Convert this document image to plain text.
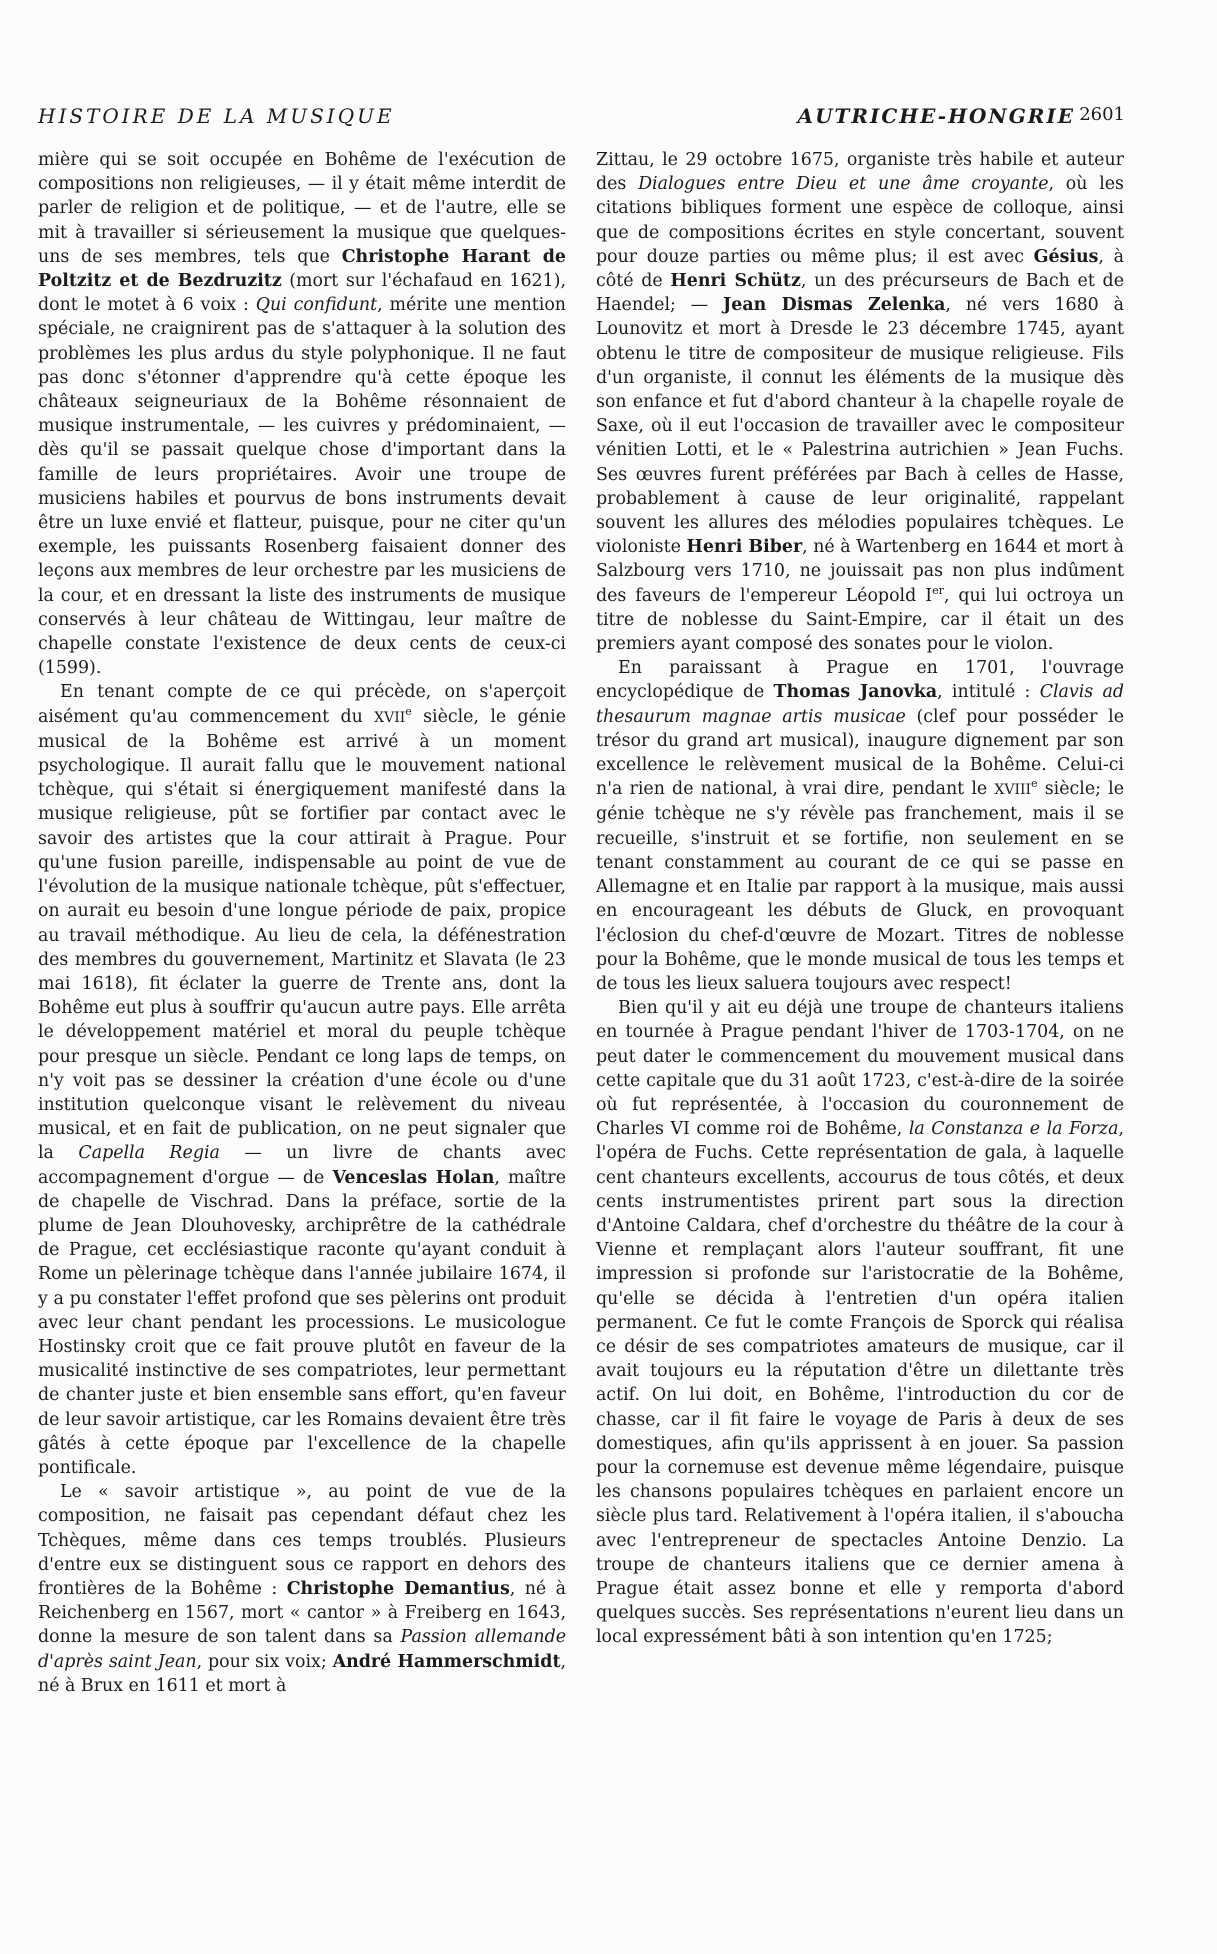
HISTOIRE DE LA MUSIQUE	AUTRICHE-HONGRIE 2601

mière qui se soit occupée en Bohême de l'exécution de compositions non religieuses, — il y était même interdit de parler de religion et de politique, — et de l'autre, elle se mit à travailler si sérieusement la musique que quelques-uns de ses membres, tels que Christophe Harant de Poltzitz et de Bezdruzitz (mort sur l'échafaud en 1621), dont le motet à 6 voix : Qui confidunt, mérite une mention spéciale, ne craignirent pas de s'attaquer à la solution des problèmes les plus ardus du style polyphonique. Il ne faut pas donc s'étonner d'apprendre qu'à cette époque les châteaux seigneuriaux de la Bohême résonnaient de musique instrumentale, — les cuivres y prédominaient, — dès qu'il se passait quelque chose d'important dans la famille de leurs propriétaires. Avoir une troupe de musiciens habiles et pourvus de bons instruments devait être un luxe envié et flatteur, puisque, pour ne citer qu'un exemple, les puissants Rosenberg faisaient donner des leçons aux membres de leur orchestre par les musiciens de la cour, et en dressant la liste des instruments de musique conservés à leur château de Wittingau, leur maître de chapelle constate l'existence de deux cents de ceux-ci (1599).

En tenant compte de ce qui précède, on s'aperçoit aisément qu'au commencement du XVIIe siècle, le génie musical de la Bohême est arrivé à un moment psychologique. Il aurait fallu que le mouvement national tchèque, qui s'était si énergiquement manifesté dans la musique religieuse, pût se fortifier par contact avec le savoir des artistes que la cour attirait à Prague. Pour qu'une fusion pareille, indispensable au point de vue de l'évolution de la musique nationale tchèque, pût s'effectuer, on aurait eu besoin d'une longue période de paix, propice au travail méthodique. Au lieu de cela, la défénestration des membres du gouvernement, Martinitz et Slavata (le 23 mai 1618), fit éclater la guerre de Trente ans, dont la Bohême eut plus à souffrir qu'aucun autre pays. Elle arrêta le développement matériel et moral du peuple tchèque pour presque un siècle. Pendant ce long laps de temps, on n'y voit pas se dessiner la création d'une école ou d'une institution quelconque visant le relèvement du niveau musical, et en fait de publication, on ne peut signaler que la Capella Regia — un livre de chants avec accompagnement d'orgue — de Venceslas Holan, maître de chapelle de Vischrad. Dans la préface, sortie de la plume de Jean Dlouhovesky, archiprêtre de la cathédrale de Prague, cet ecclésiastique raconte qu'ayant conduit à Rome un pèlerinage tchèque dans l'année jubilaire 1674, il y a pu constater l'effet profond que ses pèlerins ont produit avec leur chant pendant les processions. Le musicologue Hostinsky croit que ce fait prouve plutôt en faveur de la musicalité instinctive de ses compatriotes, leur permettant de chanter juste et bien ensemble sans effort, qu'en faveur de leur savoir artistique, car les Romains devaient être très gâtés à cette époque par l'excellence de la chapelle pontificale.

Le « savoir artistique », au point de vue de la composition, ne faisait pas cependant défaut chez les Tchèques, même dans ces temps troublés. Plusieurs d'entre eux se distinguent sous ce rapport en dehors des frontières de la Bohême : Christophe Demantius, né à Reichenberg en 1567, mort « cantor » à Freiberg en 1643, donne la mesure de son talent dans sa Passion allemande d'après saint Jean, pour six voix; André Hammerschmidt, né à Brux en 1611 et mort à

Zittau, le 29 octobre 1675, organiste très habile et auteur des Dialogues entre Dieu et une âme croyante, où les citations bibliques forment une espèce de colloque, ainsi que de compositions écrites en style concertant, souvent pour douze parties ou même plus; il est avec Gésius, à côté de Henri Schütz, un des précurseurs de Bach et de Haendel; — Jean Dismas Zelenka, né vers 1680 à Lounovitz et mort à Dresde le 23 décembre 1745, ayant obtenu le titre de compositeur de musique religieuse. Fils d'un organiste, il connut les éléments de la musique dès son enfance et fut d'abord chanteur à la chapelle royale de Saxe, où il eut l'occasion de travailler avec le compositeur vénitien Lotti, et le « Palestrina autrichien » Jean Fuchs. Ses œuvres furent préférées par Bach à celles de Hasse, probablement à cause de leur originalité, rappelant souvent les allures des mélodies populaires tchèques. Le violoniste Henri Biber, né à Wartenberg en 1644 et mort à Salzbourg vers 1710, ne jouissait pas non plus indûment des faveurs de l'empereur Léopold Ier, qui lui octroya un titre de noblesse du Saint-Empire, car il était un des premiers ayant composé des sonates pour le violon.

En paraissant à Prague en 1701, l'ouvrage encyclopédique de Thomas Janovka, intitulé : Clavis ad thesaurum magnae artis musicae (clef pour posséder le trésor du grand art musical), inaugure dignement par son excellence le relèvement musical de la Bohême. Celui-ci n'a rien de national, à vrai dire, pendant le XVIIIe siècle; le génie tchèque ne s'y révèle pas franchement, mais il se recueille, s'instruit et se fortifie, non seulement en se tenant constamment au courant de ce qui se passe en Allemagne et en Italie par rapport à la musique, mais aussi en encourageant les débuts de Gluck, en provoquant l'éclosion du chef-d'œuvre de Mozart. Titres de noblesse pour la Bohême, que le monde musical de tous les temps et de tous les lieux saluera toujours avec respect!

Bien qu'il y ait eu déjà une troupe de chanteurs italiens en tournée à Prague pendant l'hiver de 1703-1704, on ne peut dater le commencement du mouvement musical dans cette capitale que du 31 août 1723, c'est-à-dire de la soirée où fut représentée, à l'occasion du couronnement de Charles VI comme roi de Bohême, la Constanza e la Forza, l'opéra de Fuchs. Cette représentation de gala, à laquelle cent chanteurs excellents, accourus de tous côtés, et deux cents instrumentistes prirent part sous la direction d'Antoine Caldara, chef d'orchestre du théâtre de la cour à Vienne et remplaçant alors l'auteur souffrant, fit une impression si profonde sur l'aristocratie de la Bohême, qu'elle se décida à l'entretien d'un opéra italien permanent. Ce fut le comte François de Sporck qui réalisa ce désir de ses compatriotes amateurs de musique, car il avait toujours eu la réputation d'être un dilettante très actif. On lui doit, en Bohême, l'introduction du cor de chasse, car il fit faire le voyage de Paris à deux de ses domestiques, afin qu'ils apprissent à en jouer. Sa passion pour la cornemuse est devenue même légendaire, puisque les chansons populaires tchèques en parlaient encore un siècle plus tard. Relativement à l'opéra italien, il s'aboucha avec l'entrepreneur de spectacles Antoine Denzio. La troupe de chanteurs italiens que ce dernier amena à Prague était assez bonne et elle y remporta d'abord quelques succès. Ses représentations n'eurent lieu dans un local expressément bâti à son intention qu'en 1725;
